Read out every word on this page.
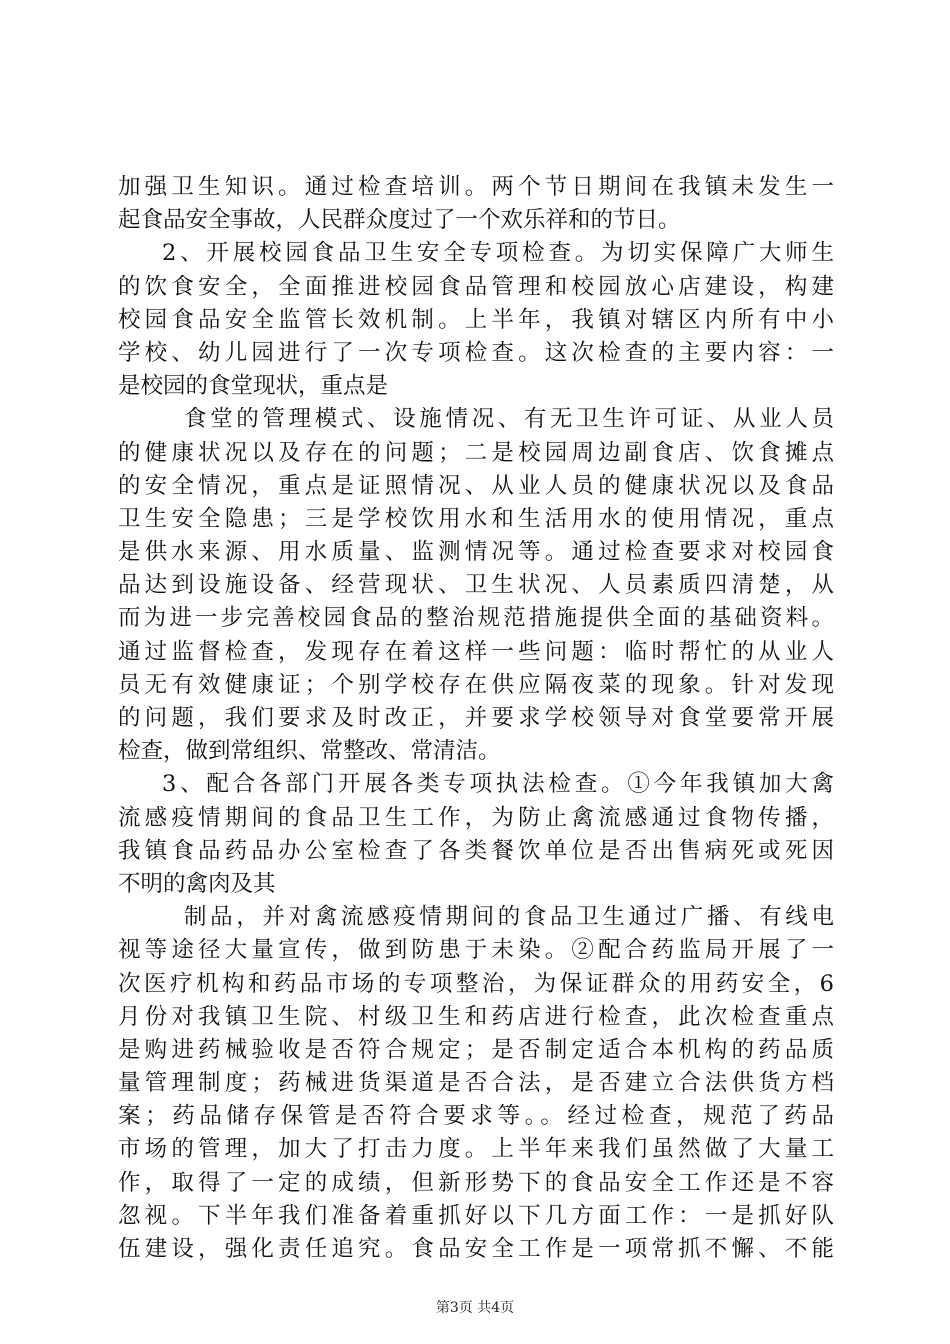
加强卫生知识。通过检查培训。两个节日期间在我镇未发生一
起食品安全事故，人民群众度过了一个欢乐祥和的节日。
2、开展校园食品卫生安全专项检查。为切实保障广大师生
的饮食安全，全面推进校园食品管理和校园放心店建设，构建
校园食品安全监管长效机制。上半年，我镇对辖区内所有中小
学校、幼儿园进行了一次专项检查。这次检查的主要内容：一
是校园的食堂现状，重点是
食堂的管理模式、设施情况、有无卫生许可证、从业人员
的健康状况以及存在的问题；二是校园周边副食店、饮食摊点
的安全情况，重点是证照情况、从业人员的健康状况以及食品
卫生安全隐患；三是学校饮用水和生活用水的使用情况，重点
是供水来源、用水质量、监测情况等。通过检查要求对校园食
品达到设施设备、经营现状、卫生状况、人员素质四清楚，从
而为进一步完善校园食品的整治规范措施提供全面的基础资料。
通过监督检查，发现存在着这样一些问题：临时帮忙的从业人
员无有效健康证；个别学校存在供应隔夜菜的现象。针对发现
的问题，我们要求及时改正，并要求学校领导对食堂要常开展
检查，做到常组织、常整改、常清洁。
3、配合各部门开展各类专项执法检查。①今年我镇加大禽
流感疫情期间的食品卫生工作，为防止禽流感通过食物传播，
我镇食品药品办公室检查了各类餐饮单位是否出售病死或死因
不明的禽肉及其
制品，并对禽流感疫情期间的食品卫生通过广播、有线电
视等途径大量宣传，做到防患于未染。②配合药监局开展了一
次医疗机构和药品市场的专项整治，为保证群众的用药安全，6
月份对我镇卫生院、村级卫生和药店进行检查，此次检查重点
是购进药械验收是否符合规定；是否制定适合本机构的药品质
量管理制度；药械进货渠道是否合法，是否建立合法供货方档
案；药品储存保管是否符合要求等。。经过检查，规范了药品
市场的管理，加大了打击力度。上半年来我们虽然做了大量工
作，取得了一定的成绩，但新形势下的食品安全工作还是不容
忽视。下半年我们准备着重抓好以下几方面工作：一是抓好队
伍建设，强化责任追究。食品安全工作是一项常抓不懈、不能
第3页 共4页
